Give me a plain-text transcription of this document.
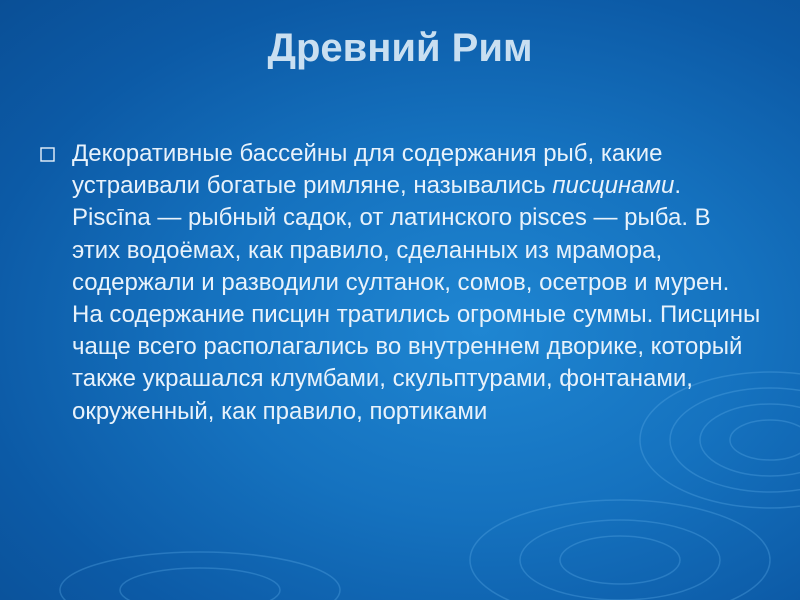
Древний Рим

Декоративные бассейны для содержания рыб, какие устраивали богатые римляне, назывались писцинами. Piscīna — рыбный садок, от латинского pisces — рыба. В этих водоёмах, как правило, сделанных из мрамора, содержали и разводили султанок, сомов, осетров и мурен. На содержание писцин тратились огромные суммы. Писцины чаще всего располагались во внутреннем дворике, который также украшался клумбами, скульптурами, фонтанами, окруженный, как правило, портиками
